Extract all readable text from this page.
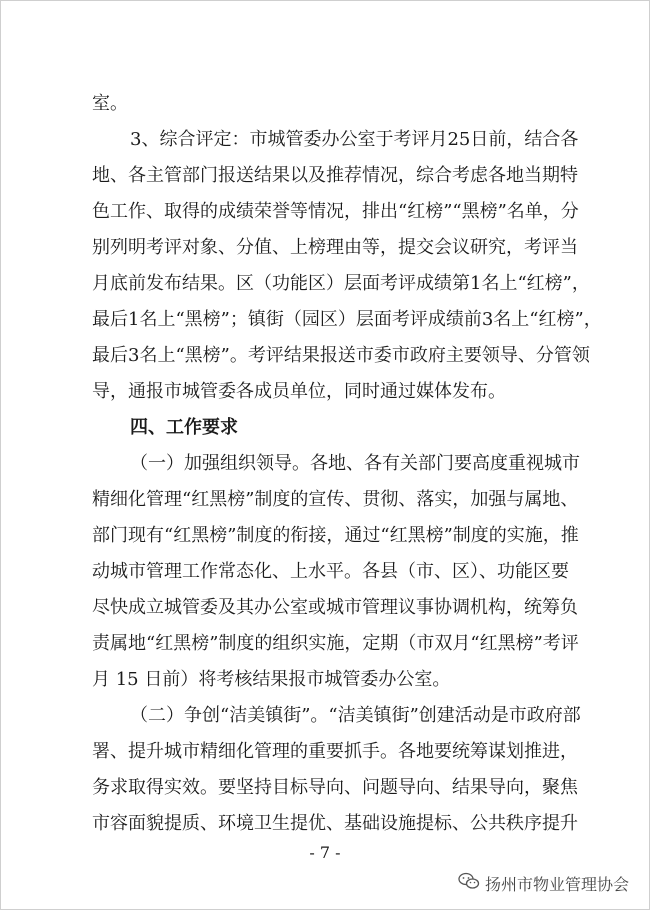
室。
3、综合评定：市城管委办公室于考评月25日前，结合各
地、各主管部门报送结果以及推荐情况，综合考虑各地当期特
色工作、取得的成绩荣誉等情况，排出“红榜”“黑榜”名单，分
别列明考评对象、分值、上榜理由等，提交会议研究，考评当
月底前发布结果。区（功能区）层面考评成绩第1名上“红榜”，
最后1名上“黑榜”；镇街（园区）层面考评成绩前3名上“红榜”，
最后3名上“黑榜”。考评结果报送市委市政府主要领导、分管领
导，通报市城管委各成员单位，同时通过媒体发布。
四、工作要求
（一）加强组织领导。各地、各有关部门要高度重视城市
精细化管理“红黑榜”制度的宣传、贯彻、落实，加强与属地、
部门现有“红黑榜”制度的衔接，通过“红黑榜”制度的实施，推
动城市管理工作常态化、上水平。各县（市、区）、功能区要
尽快成立城管委及其办公室或城市管理议事协调机构，统筹负
责属地“红黑榜”制度的组织实施，定期（市双月“红黑榜”考评
月 15 日前）将考核结果报市城管委办公室。
（二）争创“洁美镇街”。“洁美镇街”创建活动是市政府部
署、提升城市精细化管理的重要抓手。各地要统筹谋划推进，
务求取得实效。要坚持目标导向、问题导向、结果导向，聚焦
市容面貌提质、环境卫生提优、基础设施提标、公共秩序提升
- 7 -
扬州市物业管理协会
